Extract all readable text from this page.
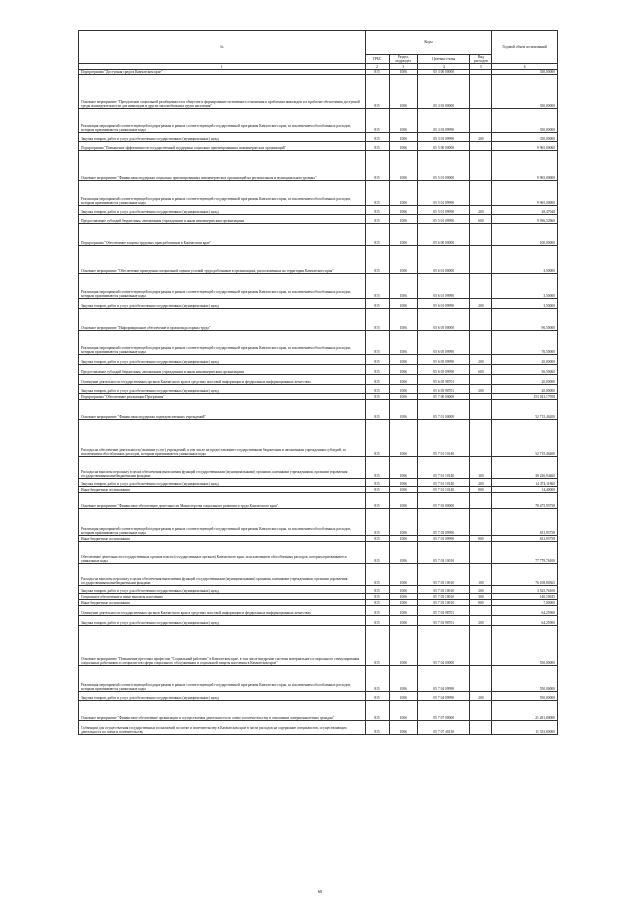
№	Коды				Годовой объем ассигнований
	ГРБС	Раздел, подраздел	Целевая статья	Вид расходов	
1	2	3	4	5	6
Подпрограмма "Доступная среда в Камчатском крае"	815	1006	05 3 00 00000		350,00000
Основное мероприятие "Преодоление социальной разобщенности в обществе и формирование позитивного отношения к проблемам инвалидов и к проблеме обеспечения доступной среды жизнедеятельности для инвалидов и других маломобильных групп населения"	815	1006	05 3 03 00000		350,00000
Реализация мероприятий соответствующей подпрограммы в рамках соответствующей государственной программы Камчатского края, за исключением обособленных расходов, которым присваиваются уникальные коды	815	1006	05 3 03 09990		350,00000
Закупка товаров, работ и услуг для обеспечения государственных (муниципальных) нужд	815	1006	05 3 03 09990	200	350,00000
Подпрограмма "Повышение эффективности государственной поддержки социально ориентированных некоммерческих организаций"	815	1006	05 5 00 00000		9 965,00000
Основное мероприятие "Финансовая поддержка социально ориентированных некоммерческих организаций на региональном и муниципальном уровнях"	815	1006	05 5 01 00000		9 965,00000
Реализация мероприятий соответствующей подпрограммы в рамках соответствующей государственной программы Камчатского края, за исключением обособленных расходов, которым присваиваются уникальные коды	815	1006	05 5 01 09990		9 965,00000
Закупка товаров, работ и услуг для обеспечения государственных (муниципальных) нужд	815	1006	05 5 01 09990	200	28,47040
Предоставление субсидий бюджетным, автономным учреждениям и иным некоммерческим организациям	815	1006	05 5 01 09990	600	9 936,52960
Подпрограмма "Обеспечение защиты трудовых прав работников в Камчатском крае"	815	1006	05 6 00 00000		100,00000
Основное мероприятие "Обеспечение проведения специальной оценки условий труда работников в организациях, расположенных на территории Камчатского края"	815	1006	05 6 01 00000		3,50000
Реализация мероприятий соответствующей подпрограммы в рамках соответствующей государственной программы Камчатского края, за исключением обособленных расходов, которым присваиваются уникальные коды	815	1006	05 6 01 09990		3,50000
Закупка товаров, работ и услуг для обеспечения государственных (муниципальных) нужд	815	1006	05 6 01 09990	200	3,50000
Основное мероприятие "Информационное обеспечение и пропаганда охраны труда"	815	1006	05 6 05 00000		96,50000
Реализация мероприятий соответствующей подпрограммы в рамках соответствующей государственной программы Камчатского края, за исключением обособленных расходов, которым присваиваются уникальные коды	815	1006	05 6 05 09990		76,50000
Закупка товаров, работ и услуг для обеспечения государственных (муниципальных) нужд	815	1006	05 6 05 09990	200	20,00000
Предоставление субсидий бюджетным, автономным учреждениям и иным некоммерческим организациям	815	1006	05 6 05 09990	600	56,50000
Освещение деятельности государственных органов Камчатского края в средствах массовой информации и федеральных информационных агентствах	815	1006	05 6 05 98701		20,00000
Закупка товаров, работ и услуг для обеспечения государственных (муниципальных) нужд	815	1006	05 6 05 98701	200	20,00000
Подпрограмма "Обеспечение реализации Программы"	815	1006	05 7 00 00000		153 023,17958
Основное мероприятие "Финансовая поддержка подведомственных учреждений"	815	1006	05 7 01 00000		52 715,46200
Расходы на обеспечение деятельности (оказание услуг) учреждений, в том числе на предоставление государственным бюджетным и автономным учреждениям субсидий, за исключением обособленных расходов, которым присваиваются уникальные коды	815	1006	05 7 01 10140		52 715,46200
Расходы на выплаты персоналу в целях обеспечения выполнения функций государственными (муниципальными) органами, казенными учреждениями, органами управления государственными внебюджетными фондами	815	1006	05 7 01 10140	100	38 226,94400
Закупка товаров, работ и услуг для обеспечения государственных (муниципальных) нужд	815	1006	05 7 01 10140	200	14 474,11800
Иные бюджетные ассигнования	815	1006	05 7 01 10140	800	14,40000
Основное мероприятие "Финансовое обеспечение деятельности Министерства социального развития и труда Камчатского края"	815	1006	05 7 03 00000		78 475,95758
Реализация мероприятий соответствующей подпрограммы в рамках соответствующей государственной программы Камчатского края, за исключением обособленных расходов, которым присваиваются уникальные коды	815	1006	05 7 03 09990		631,93758
Иные бюджетные ассигнования	815	1006	05 7 03 09990	800	631,93758
Обеспечение деятельности государственных органов власти (государственных органов) Камчатского края, за исключением обособленных расходов, которым присваиваются уникальные коды	815	1006	05 7 03 10010		77 779,76100
Расходы на выплаты персоналу в целях обеспечения выполнения функций государственными (муниципальными) органами, казенными учреждениями, органами управления государственными внебюджетными фондами	815	1006	05 7 03 10010	100	76 108,80365
Закупка товаров, работ и услуг для обеспечения государственных (муниципальных) нужд	815	1006	05 7 03 10010	200	3 525,76100
Социальное обеспечение и иные выплаты населению	815	1006	05 7 03 10010	300	140,19635
Иные бюджетные ассигнования	815	1006	05 7 03 10010	800	7,00000
Освещение деятельности государственных органов Камчатского края в средствах массовой информации и федеральных информационных агентствах	815	1006	05 7 03 98701		64,25900
Закупка товаров, работ и услуг для обеспечения государственных (муниципальных) нужд	815	1006	05 7 03 98701	200	64,25900
Основное мероприятие "Повышение престижа профессии "Социальный работник" в Камчатском крае, в том числе внедрение системы материального и морального стимулирования социальных работников и специалистов сферы социального обслуживания и социальной защиты населения в Камчатском крае"	815	1006	05 7 04 00000		550,00000
Реализация мероприятий соответствующей подпрограммы в рамках соответствующей государственной программы Камчатского края, за исключением обособленных расходов, которым присваиваются уникальные коды	815	1006	05 7 04 09990		550,00000
Закупка товаров, работ и услуг для обеспечения государственных (муниципальных) нужд	815	1006	05 7 04 09990	200	550,00000
Основное мероприятие "Финансовое обеспечение организации и осуществления деятельности по опеке и попечительству в отношении совершеннолетних граждан"	815	1006	05 7 07 00000		21 281,80000
Субвенции для осуществления государственных полномочий по опеке и попечительству в Камчатском крае в части расходов на содержание специалистов, осуществляющих деятельность по опеке и попечительству	815	1006	05 7 07 40130		11 333,00000
60
